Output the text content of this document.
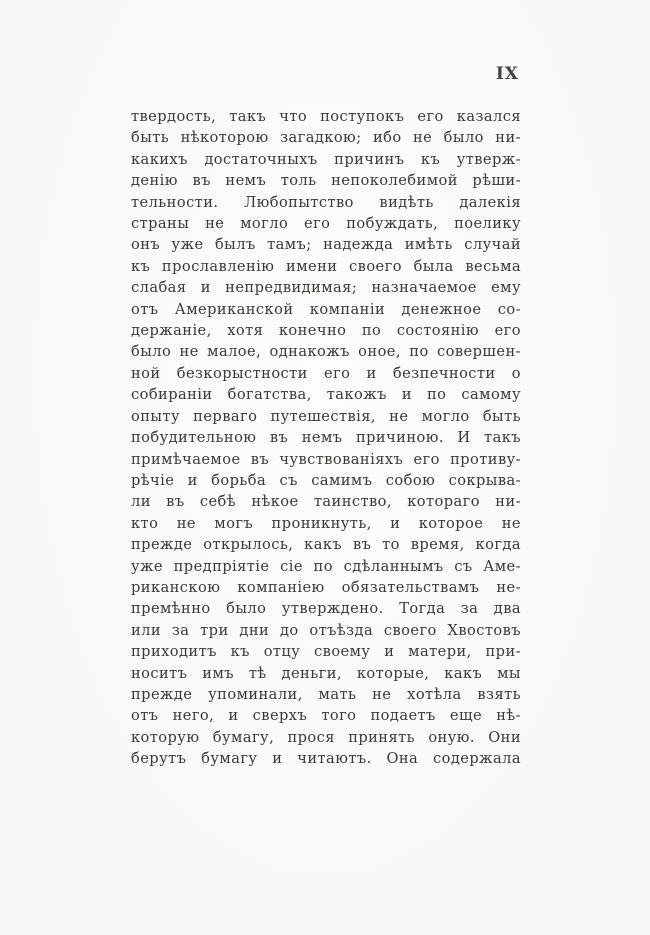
IX
твердость, такъ что поступокъ его казался
быть нѣкоторою загадкою; ибо не было ни-
какихъ достаточныхъ причинъ къ утверж-
денію въ немъ толь непоколебимой рѣши-
тельности. Любопытство видѣть далекія
страны не могло его побуждать, поелику
онъ уже былъ тамъ; надежда имѣть случай
къ прославленію имени своего была весьма
слабая и непредвидимая; назначаемое ему
отъ Американской компаніи денежное со-
держаніе, хотя конечно по состоянію его
было не малое, однакожъ оное, по совершен-
ной безкорыстности его и безпечности о
собираніи богатства, такожъ и по самому
опыту перваго путешествія, не могло быть
побудительною въ немъ причиною. И такъ
примѣчаемое въ чувствованіяхъ его противу-
рѣчіе и борьба съ самимъ собою сокрыва-
ли въ себѣ нѣкое таинство, котораго ни-
кто не могъ проникнуть, и которое не
прежде открылось, какъ въ то время, когда
уже предпріятіе сіе по сдѣланнымъ съ Аме-
риканскою компаніею обязательствамъ не-
премѣнно было утверждено. Тогда за два
или за три дни до отъѣзда своего Хвостовъ
приходитъ къ отцу своему и матери, при-
носитъ имъ тѣ деньги, которые, какъ мы
прежде упоминали, мать не хотѣла взять
отъ него, и сверхъ того подаетъ еще нѣ-
которую бумагу, прося принять оную. Они
берутъ бумагу и читаютъ. Она содержала
